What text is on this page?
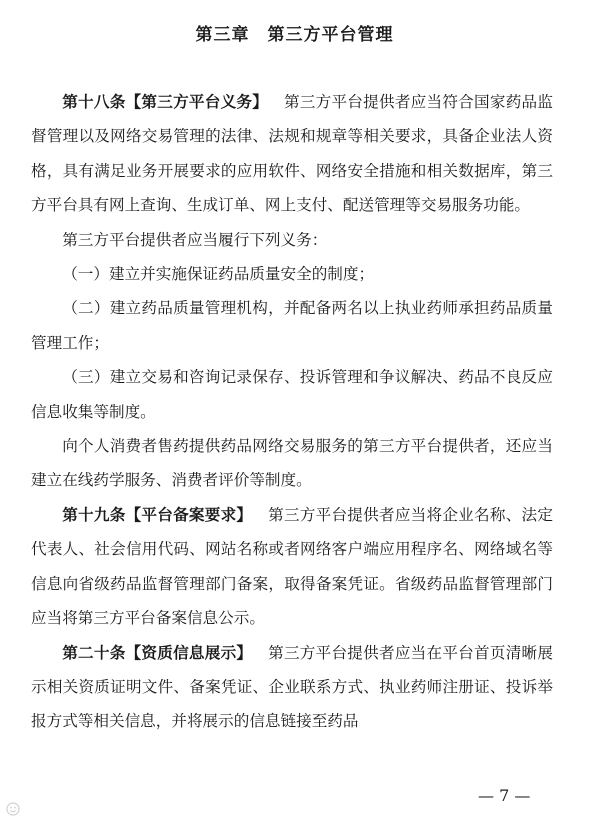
第三章　第三方平台管理

第十八条【第三方平台义务】 第三方平台提供者应当符合国家药品监督管理以及网络交易管理的法律、法规和规章等相关要求，具备企业法人资格，具有满足业务开展要求的应用软件、网络安全措施和相关数据库，第三方平台具有网上查询、生成订单、网上支付、配送管理等交易服务功能。

第三方平台提供者应当履行下列义务：

（一）建立并实施保证药品质量安全的制度；

（二）建立药品质量管理机构，并配备两名以上执业药师承担药品质量管理工作；

（三）建立交易和咨询记录保存、投诉管理和争议解决、药品不良反应信息收集等制度。

向个人消费者售药提供药品网络交易服务的第三方平台提供者，还应当建立在线药学服务、消费者评价等制度。

第十九条【平台备案要求】 第三方平台提供者应当将企业名称、法定代表人、社会信用代码、网站名称或者网络客户端应用程序名、网络域名等信息向省级药品监督管理部门备案，取得备案凭证。省级药品监督管理部门应当将第三方平台备案信息公示。

第二十条【资质信息展示】 第三方平台提供者应当在平台首页清晰展示相关资质证明文件、备案凭证、企业联系方式、执业药师注册证、投诉举报方式等相关信息，并将展示的信息链接至药品

— 7 —
